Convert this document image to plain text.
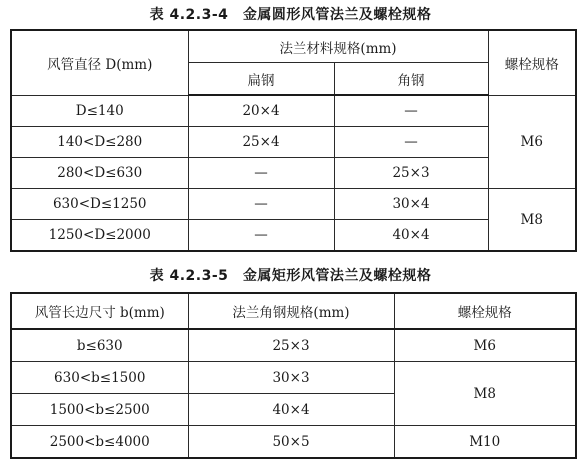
表 4.2.3-4　金属圆形风管法兰及螺栓规格
风管直径 D(mm)	法兰材料规格(mm)		螺栓规格
	扁钢	角钢	
D≤140	20×4	—	M6
140<D≤280	25×4	—	
280<D≤630	—	25×3	
630<D≤1250	—	30×4	M8
1250<D≤2000	—	40×4	
表 4.2.3-5　金属矩形风管法兰及螺栓规格
风管长边尺寸 b(mm)	法兰角钢规格(mm)	螺栓规格
b≤630	25×3	M6
630<b≤1500	30×3	M8
1500<b≤2500	40×4	
2500<b≤4000	50×5	M10
